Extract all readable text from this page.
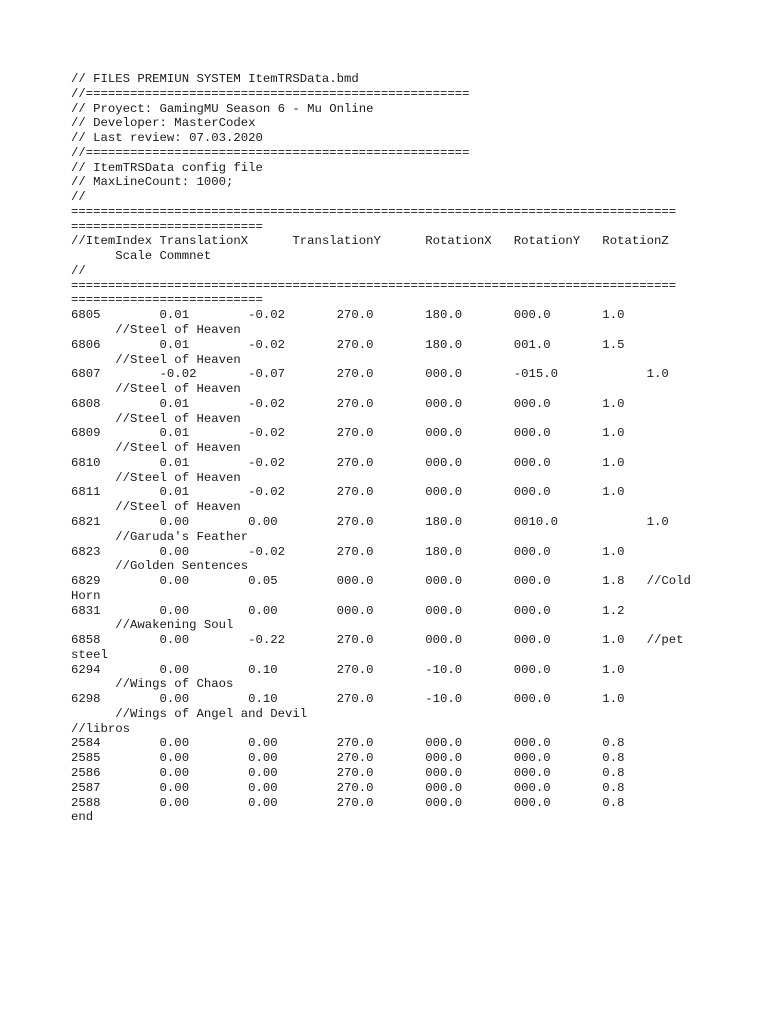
// FILES PREMIUN SYSTEM ItemTRSData.bmd
//====================================================
// Proyect: GamingMU Season 6 - Mu Online
// Developer: MasterCodex
// Last review: 07.03.2020
//====================================================
// ItemTRSData config file
// MaxLineCount: 1000;
//
==================================================================================
==========================
//ItemIndex TranslationX      TranslationY      RotationX   RotationY   RotationZ
Scale Commnet
//
==================================================================================
==========================
6805        0.01        -0.02       270.0       180.0       000.0       1.0
//Steel of Heaven
6806        0.01        -0.02       270.0       180.0       001.0       1.5
//Steel of Heaven
6807        -0.02       -0.07       270.0       000.0       -015.0            1.0
//Steel of Heaven
6808        0.01        -0.02       270.0       000.0       000.0       1.0
//Steel of Heaven
6809        0.01        -0.02       270.0       000.0       000.0       1.0
//Steel of Heaven
6810        0.01        -0.02       270.0       000.0       000.0       1.0
//Steel of Heaven
6811        0.01        -0.02       270.0       000.0       000.0       1.0
//Steel of Heaven
6821        0.00        0.00        270.0       180.0       0010.0            1.0
//Garuda's Feather
6823        0.00        -0.02       270.0       180.0       000.0       1.0
//Golden Sentences
6829        0.00        0.05        000.0       000.0       000.0       1.8   //Cold
Horn
6831        0.00        0.00        000.0       000.0       000.0       1.2
//Awakening Soul
6858        0.00        -0.22       270.0       000.0       000.0       1.0   //pet
steel
6294        0.00        0.10        270.0       -10.0       000.0       1.0
//Wings of Chaos
6298        0.00        0.10        270.0       -10.0       000.0       1.0
//Wings of Angel and Devil
//libros
2584        0.00        0.00        270.0       000.0       000.0       0.8
2585        0.00        0.00        270.0       000.0       000.0       0.8
2586        0.00        0.00        270.0       000.0       000.0       0.8
2587        0.00        0.00        270.0       000.0       000.0       0.8
2588        0.00        0.00        270.0       000.0       000.0       0.8
end
